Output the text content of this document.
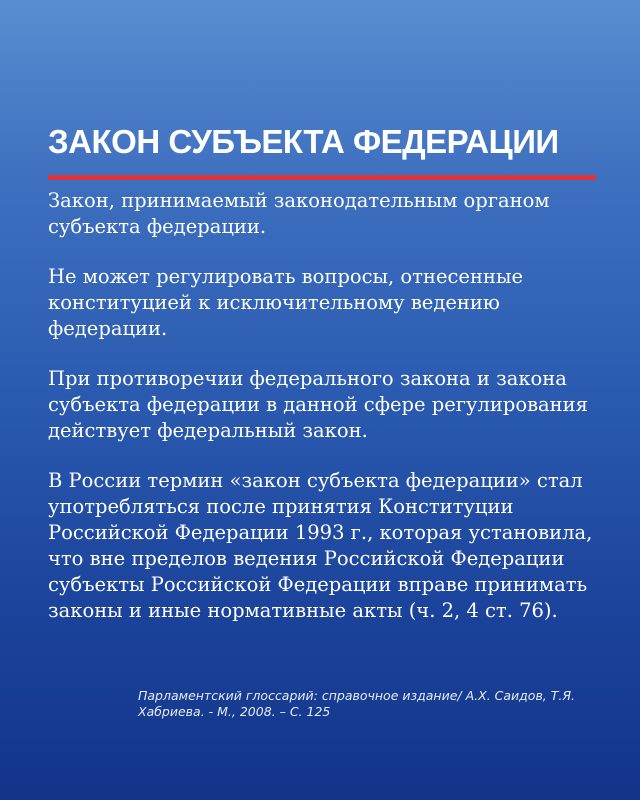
ЗАКОН СУБЪЕКТА ФЕДЕРАЦИИ

Закон, принимаемый законодательным органом субъекта федерации.

Не может регулировать вопросы, отнесенные конституцией к исключительному ведению федерации.

При противоречии федерального закона и закона субъекта федерации в данной сфере регулирования действует федеральный закон.

В России термин «закон субъекта федерации» стал употребляться после принятия Конституции Российской Федерации 1993 г., которая установила, что вне пределов ведения Российской Федерации субъекты Российской Федерации вправе принимать законы и иные нормативные акты (ч. 2, 4 ст. 76).

Парламентский глоссарий: справочное издание/ А.Х. Саидов, Т.Я. Хабриева. - М., 2008. – С. 125
